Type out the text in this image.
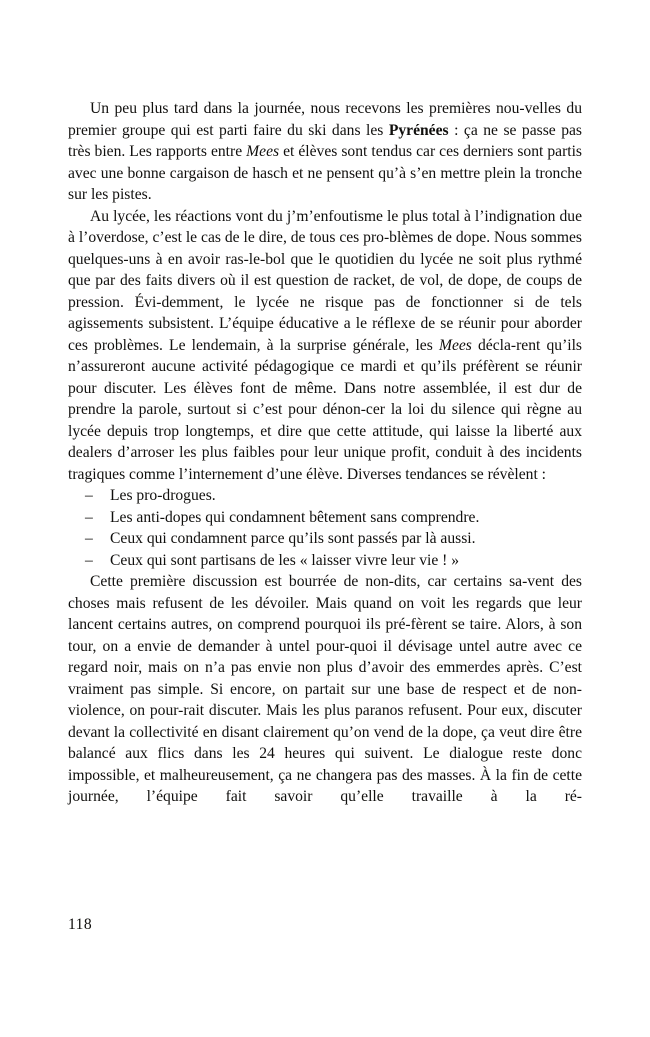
Un peu plus tard dans la journée, nous recevons les premières nou-velles du premier groupe qui est parti faire du ski dans les Pyrénées : ça ne se passe pas très bien. Les rapports entre Mees et élèves sont tendus car ces derniers sont partis avec une bonne cargaison de hasch et ne pensent qu’à s’en mettre plein la tronche sur les pistes.

Au lycée, les réactions vont du j’m’enfoutisme le plus total à l’indignation due à l’overdose, c’est le cas de le dire, de tous ces pro-blèmes de dope. Nous sommes quelques-uns à en avoir ras-le-bol que le quotidien du lycée ne soit plus rythmé que par des faits divers où il est question de racket, de vol, de dope, de coups de pression. Évi-demment, le lycée ne risque pas de fonctionner si de tels agissements subsistent. L’équipe éducative a le réflexe de se réunir pour aborder ces problèmes. Le lendemain, à la surprise générale, les Mees décla-rent qu’ils n’assureront aucune activité pédagogique ce mardi et qu’ils préfèrent se réunir pour discuter. Les élèves font de même. Dans notre assemblée, il est dur de prendre la parole, surtout si c’est pour dénon-cer la loi du silence qui règne au lycée depuis trop longtemps, et dire que cette attitude, qui laisse la liberté aux dealers d’arroser les plus faibles pour leur unique profit, conduit à des incidents tragiques comme l’internement d’une élève. Diverses tendances se révèlent :

– Les pro-drogues.
– Les anti-dopes qui condamnent bêtement sans comprendre.
– Ceux qui condamnent parce qu’ils sont passés par là aussi.
– Ceux qui sont partisans de les « laisser vivre leur vie ! »

Cette première discussion est bourrée de non-dits, car certains sa-vent des choses mais refusent de les dévoiler. Mais quand on voit les regards que leur lancent certains autres, on comprend pourquoi ils pré-fèrent se taire. Alors, à son tour, on a envie de demander à untel pour-quoi il dévisage untel autre avec ce regard noir, mais on n’a pas envie non plus d’avoir des emmerdes après. C’est vraiment pas simple. Si encore, on partait sur une base de respect et de non-violence, on pour-rait discuter. Mais les plus paranos refusent. Pour eux, discuter devant la collectivité en disant clairement qu’on vend de la dope, ça veut dire être balancé aux flics dans les 24 heures qui suivent. Le dialogue reste donc impossible, et malheureusement, ça ne changera pas des masses. À la fin de cette journée, l’équipe fait savoir qu’elle travaille à la ré-

118
